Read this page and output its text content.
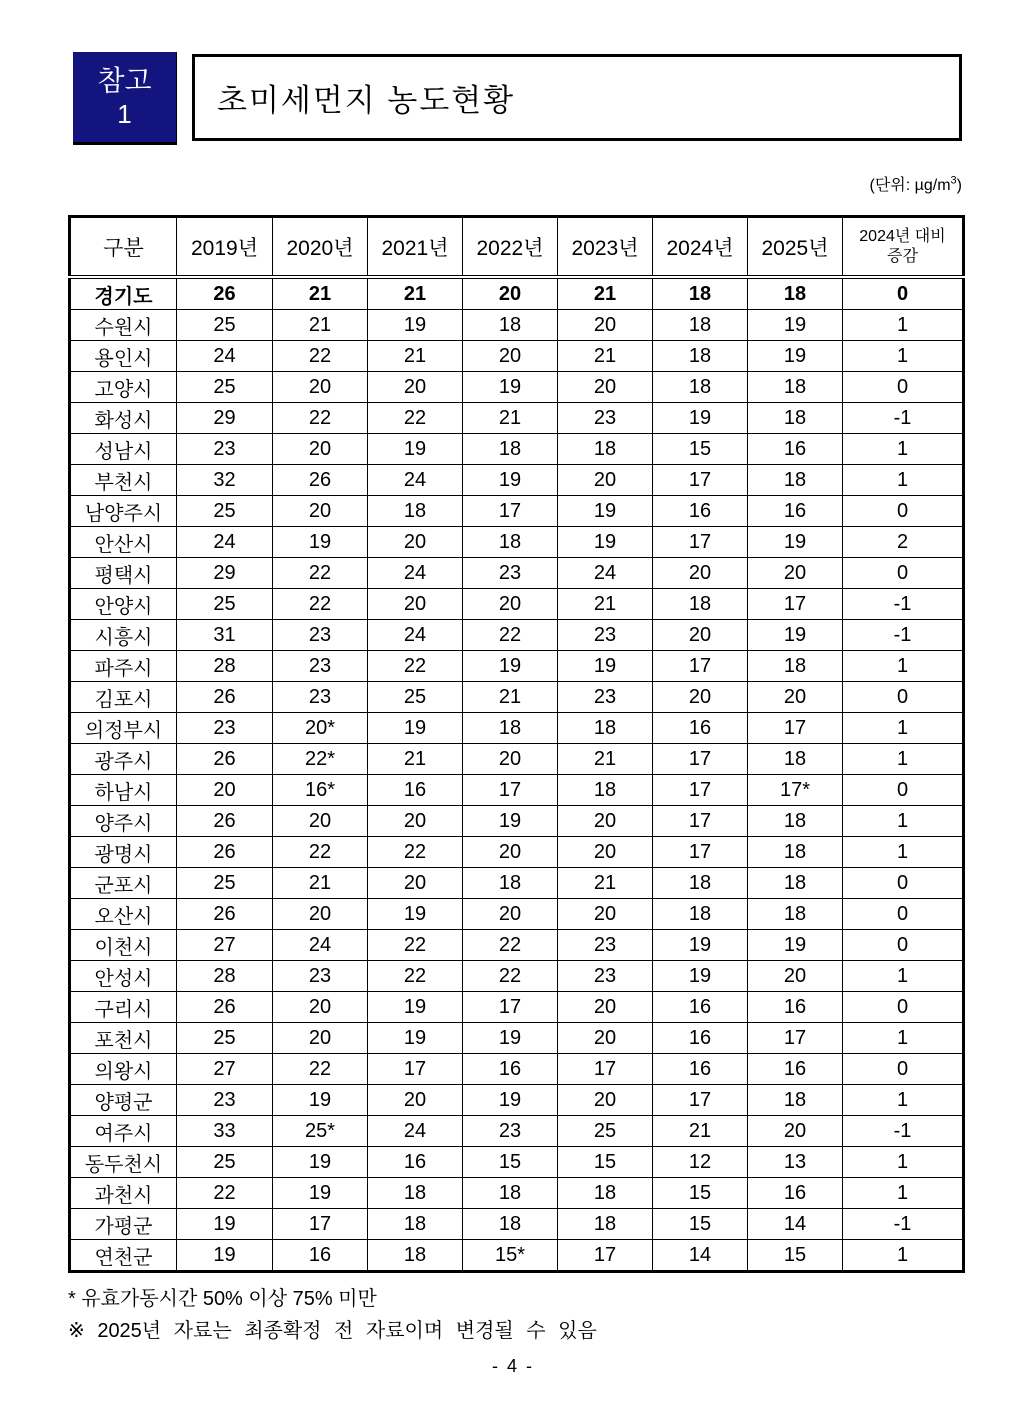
참고
1	초미세먼지 농도현황
(단위: $\mu g/m^3$)
구분	2019년	2020년	2021년	2022년	2023년	2024년	2025년	2024년 대비
증감

경기도	26	21	21	20	21	18	18	0
수원시	25	21	19	18	20	18	19	1
용인시	24	22	21	20	21	18	19	1
고양시	25	20	20	19	20	18	18	0
화성시	29	22	22	21	23	19	18	-1
성남시	23	20	19	18	18	15	16	1
부천시	32	26	24	19	20	17	18	1
남양주시	25	20	18	17	19	16	16	0
안산시	24	19	20	18	19	17	19	2
평택시	29	22	24	23	24	20	20	0
안양시	25	22	20	20	21	18	17	-1
시흥시	31	23	24	22	23	20	19	-1
파주시	28	23	22	19	19	17	18	1
김포시	26	23	25	21	23	20	20	0
의정부시	23	20*	19	18	18	16	17	1
광주시	26	22*	21	20	21	17	18	1
하남시	20	16*	16	17	18	17	17*	0
양주시	26	20	20	19	20	17	18	1
광명시	26	22	22	20	20	17	18	1
군포시	25	21	20	18	21	18	18	0
오산시	26	20	19	20	20	18	18	0
이천시	27	24	22	22	23	19	19	0
안성시	28	23	22	22	23	19	20	1
구리시	26	20	19	17	20	16	16	0
포천시	25	20	19	19	20	16	17	1
의왕시	27	22	17	16	17	16	16	0
양평군	23	19	20	19	20	17	18	1
여주시	33	25*	24	23	25	21	20	-1
동두천시	25	19	16	15	15	12	13	1
과천시	22	19	18	18	18	15	16	1
가평군	19	17	18	18	18	15	14	-1
연천군	19	16	18	15*	17	14	15	1
* 유효가동시간 50% 이상 75% 미만
※ 2025년 자료는 최종확정 전 자료이며 변경될 수 있음
- 4 -
